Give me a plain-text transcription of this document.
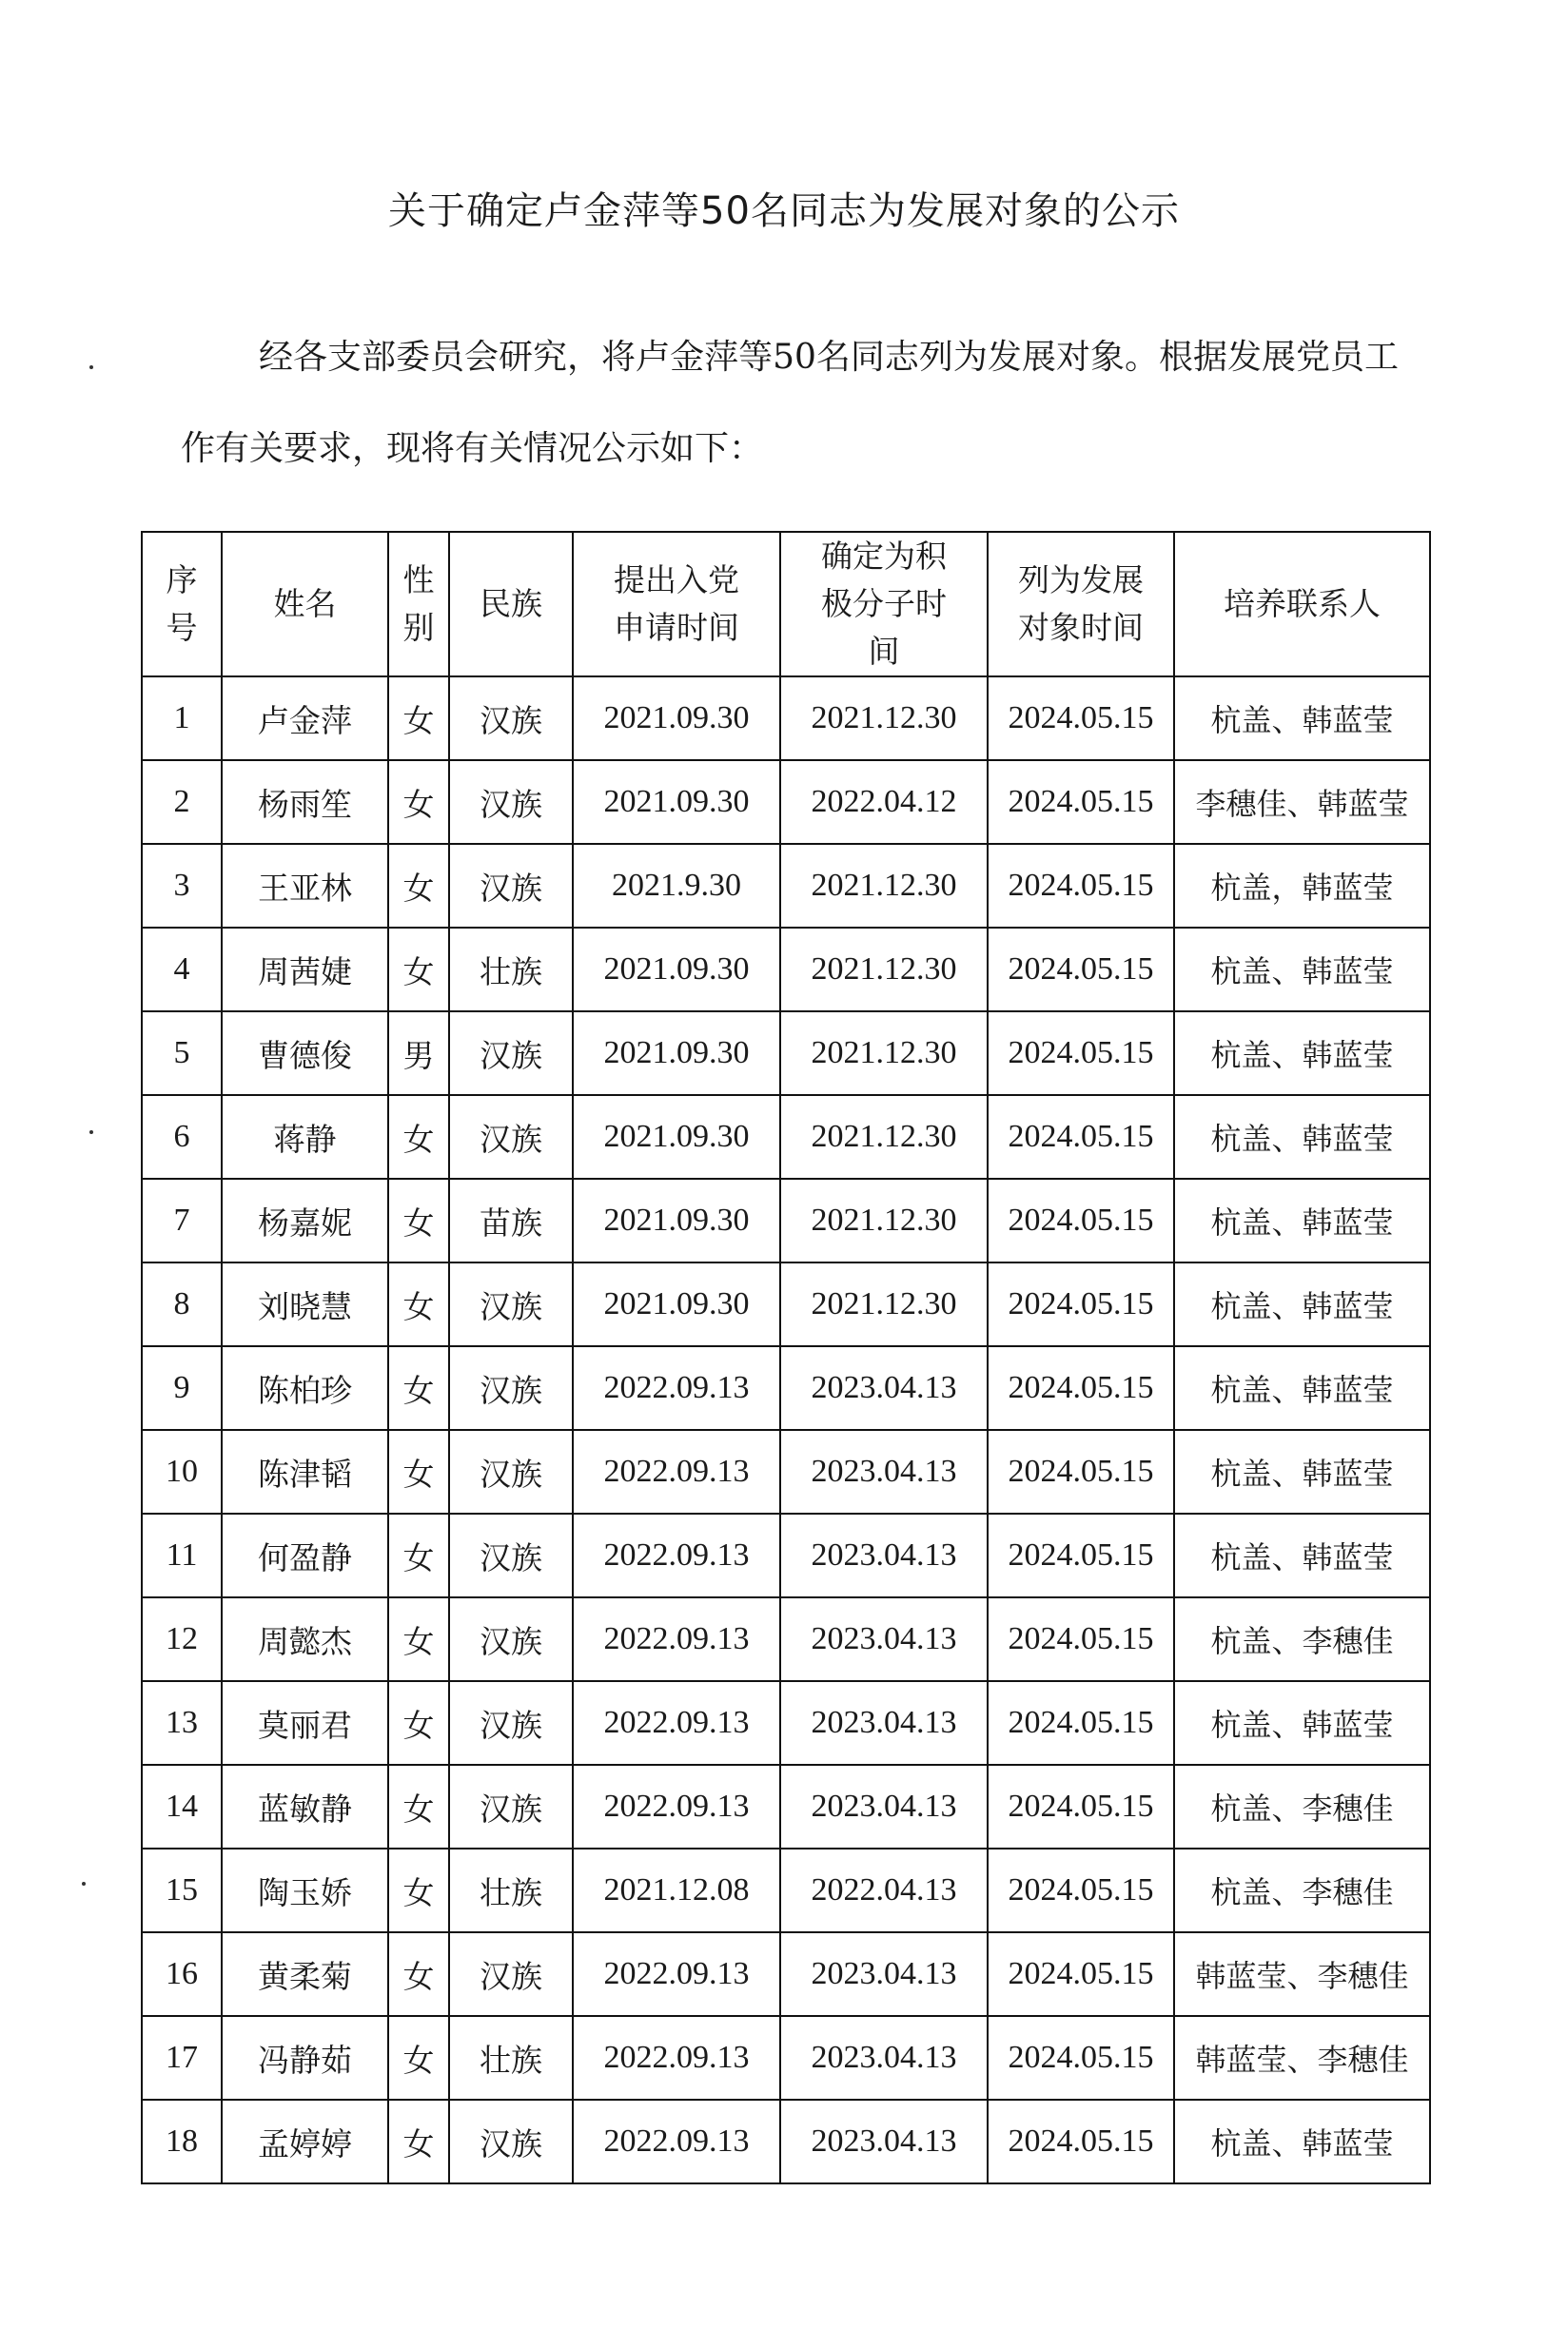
关于确定卢金萍等50名同志为发展对象的公示

经各支部委员会研究，将卢金萍等50名同志列为发展对象。根据发展党员工作有关要求，现将有关情况公示如下：

序号	姓名	性别	民族	提出入党申请时间	确定为积极分子时间	列为发展对象时间	培养联系人
1	卢金萍	女	汉族	2021.09.30	2021.12.30	2024.05.15	杭盖、韩蓝莹
2	杨雨笙	女	汉族	2021.09.30	2022.04.12	2024.05.15	李穗佳、韩蓝莹
3	王亚林	女	汉族	2021.9.30	2021.12.30	2024.05.15	杭盖，韩蓝莹
4	周茜婕	女	壮族	2021.09.30	2021.12.30	2024.05.15	杭盖、韩蓝莹
5	曹德俊	男	汉族	2021.09.30	2021.12.30	2024.05.15	杭盖、韩蓝莹
6	蒋静	女	汉族	2021.09.30	2021.12.30	2024.05.15	杭盖、韩蓝莹
7	杨嘉妮	女	苗族	2021.09.30	2021.12.30	2024.05.15	杭盖、韩蓝莹
8	刘晓慧	女	汉族	2021.09.30	2021.12.30	2024.05.15	杭盖、韩蓝莹
9	陈柏珍	女	汉族	2022.09.13	2023.04.13	2024.05.15	杭盖、韩蓝莹
10	陈津韬	女	汉族	2022.09.13	2023.04.13	2024.05.15	杭盖、韩蓝莹
11	何盈静	女	汉族	2022.09.13	2023.04.13	2024.05.15	杭盖、韩蓝莹
12	周懿杰	女	汉族	2022.09.13	2023.04.13	2024.05.15	杭盖、李穗佳
13	莫丽君	女	汉族	2022.09.13	2023.04.13	2024.05.15	杭盖、韩蓝莹
14	蓝敏静	女	汉族	2022.09.13	2023.04.13	2024.05.15	杭盖、李穗佳
15	陶玉娇	女	壮族	2021.12.08	2022.04.13	2024.05.15	杭盖、李穗佳
16	黄柔菊	女	汉族	2022.09.13	2023.04.13	2024.05.15	韩蓝莹、李穗佳
17	冯静茹	女	壮族	2022.09.13	2023.04.13	2024.05.15	韩蓝莹、李穗佳
18	孟婷婷	女	汉族	2022.09.13	2023.04.13	2024.05.15	杭盖、韩蓝莹
